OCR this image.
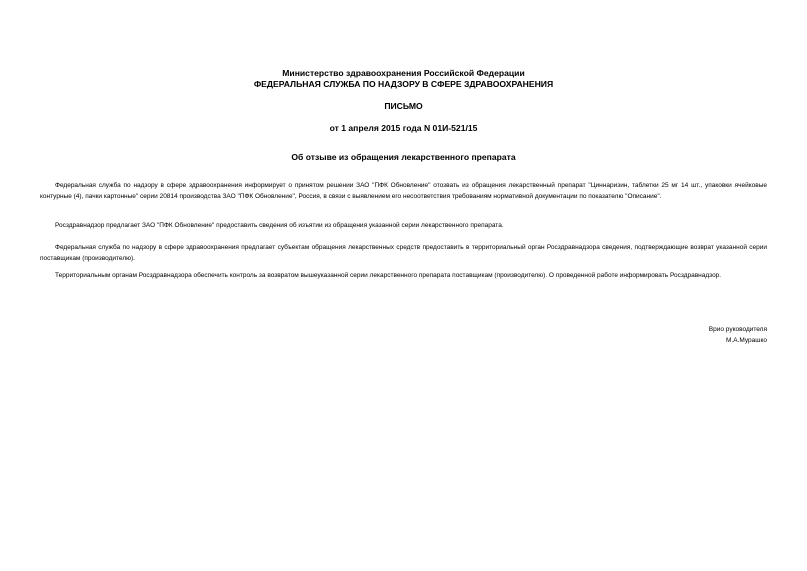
Министерство здравоохранения Российской Федерации
ФЕДЕРАЛЬНАЯ СЛУЖБА ПО НАДЗОРУ В СФЕРЕ ЗДРАВООХРАНЕНИЯ
ПИСЬМО
от 1 апреля 2015 года N 01И-521/15
Об отзыве из обращения лекарственного препарата
Федеральная служба по надзору в сфере здравоохранения информирует о принятом решении ЗАО "ПФК Обновление" отозвать из обращения лекарственный препарат "Циннаризин, таблетки 25 мг 14 шт., упаковки ячейковые контурные (4), пачки картонные" серии 20814 производства ЗАО "ПФК Обновление", Россия, в связи с выявлением его несоответствия требованиям нормативной документации по показателю "Описание".
Росздравнадзор предлагает ЗАО "ПФК Обновление" предоставить сведения об изъятии из обращения указанной серии лекарственного препарата.
Федеральная служба по надзору в сфере здравоохранения предлагает субъектам обращения лекарственных средств предоставить в территориальный орган Росздравнадзора сведения, подтверждающие возврат указанной серии поставщикам (производителю).
Территориальным органам Росздравнадзора обеспечить контроль за возвратом вышеуказанной серии лекарственного препарата поставщикам (производителю). О проведенной работе информировать Росздравнадзор.
Врио руководителя
М.А.Мурашко
